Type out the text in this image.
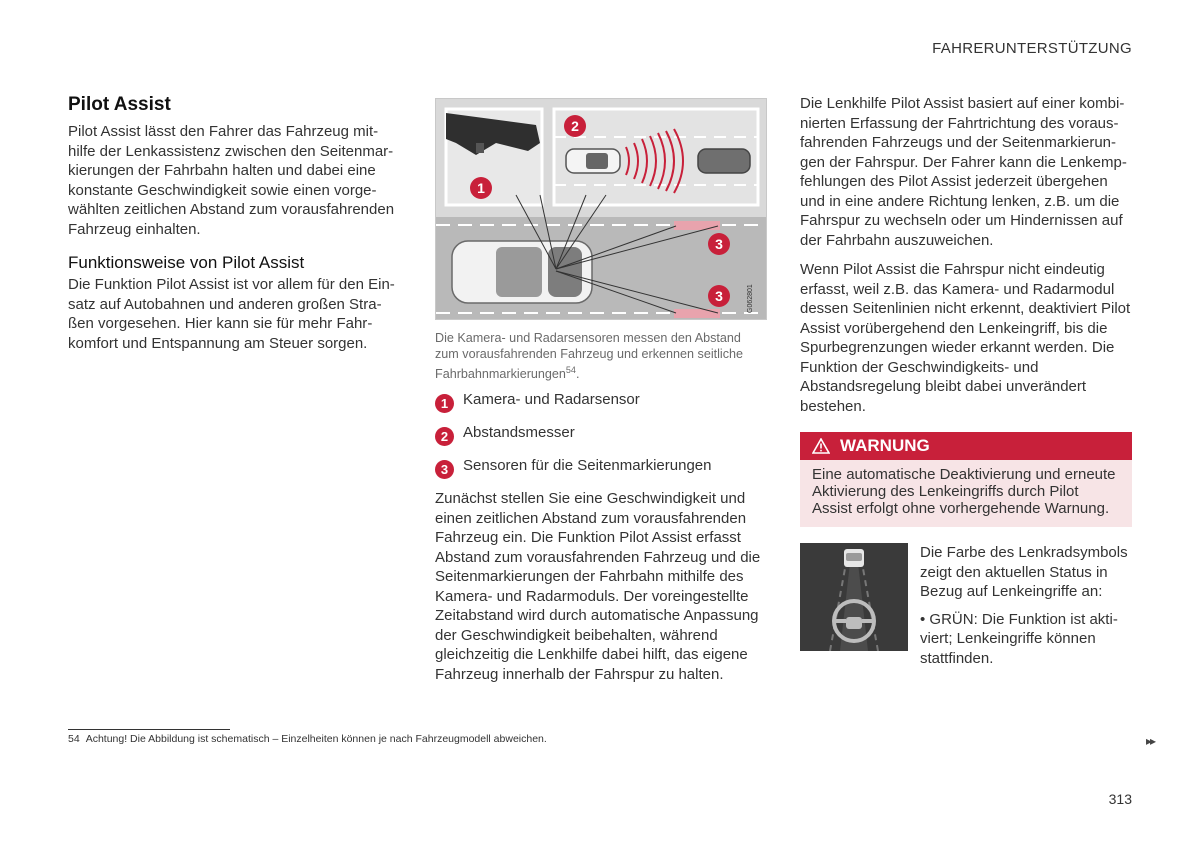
FAHRERUNTERSTÜTZUNG
Pilot Assist

Pilot Assist lässt den Fahrer das Fahrzeug mithilfe der Lenkassistenz zwischen den Seitenmarkierungen der Fahrbahn halten und dabei eine konstante Geschwindigkeit sowie einen vorgewählten zeitlichen Abstand zum vorausfahrenden Fahrzeug einhalten.

Funktionsweise von Pilot Assist

Die Funktion Pilot Assist ist vor allem für den Einsatz auf Autobahnen und anderen großen Straßen vorgesehen. Hier kann sie für mehr Fahrkomfort und Entspannung am Steuer sorgen.

G062801
1
2
3
3
Die Kamera- und Radarsensoren messen den Abstand zum vorausfahrenden Fahrzeug und erkennen seitliche Fahrbahnmarkierungen$^{54}$.
1 Kamera- und Radarsensor
2 Abstandsmesser
3 Sensoren für die Seitenmarkierungen

Zunächst stellen Sie eine Geschwindigkeit und einen zeitlichen Abstand zum vorausfahrenden Fahrzeug ein. Die Funktion Pilot Assist erfasst Abstand zum vorausfahrenden Fahrzeug und die Seitenmarkierungen der Fahrbahn mithilfe des Kamera- und Radarmoduls. Der voreingestellte Zeitabstand wird durch automatische Anpassung der Geschwindigkeit beibehalten, während gleichzeitig die Lenkhilfe dabei hilft, das eigene Fahrzeug innerhalb der Fahrspur zu halten.

Die Lenkhilfe Pilot Assist basiert auf einer kombinierten Erfassung der Fahrtrichtung des vorausfahrenden Fahrzeugs und der Seitenmarkierungen der Fahrspur. Der Fahrer kann die Lenkempfehlungen des Pilot Assist jederzeit übergehen und in eine andere Richtung lenken, z.B. um die Fahrspur zu wechseln oder um Hindernissen auf der Fahrbahn auszuweichen.

Wenn Pilot Assist die Fahrspur nicht eindeutig erfasst, weil z.B. das Kamera- und Radarmodul dessen Seitenlinien nicht erkennt, deaktiviert Pilot Assist vorübergehend den Lenkeingriff, bis die Spurbegrenzungen wieder erkannt werden. Die Funktion der Geschwindigkeits- und Abstandsregelung bleibt dabei unverändert bestehen.

WARNUNG
Eine automatische Deaktivierung und erneute Aktivierung des Lenkeingriffs durch Pilot Assist erfolgt ohne vorhergehende Warnung.

Die Farbe des Lenkradsymbols zeigt den aktuellen Status in Bezug auf Lenkeingriffe an:

• GRÜN: Die Funktion ist aktiviert; Lenkeingriffe können stattfinden.

54 Achtung! Die Abbildung ist schematisch – Einzelheiten können je nach Fahrzeugmodell abweichen.	▸▸
313
